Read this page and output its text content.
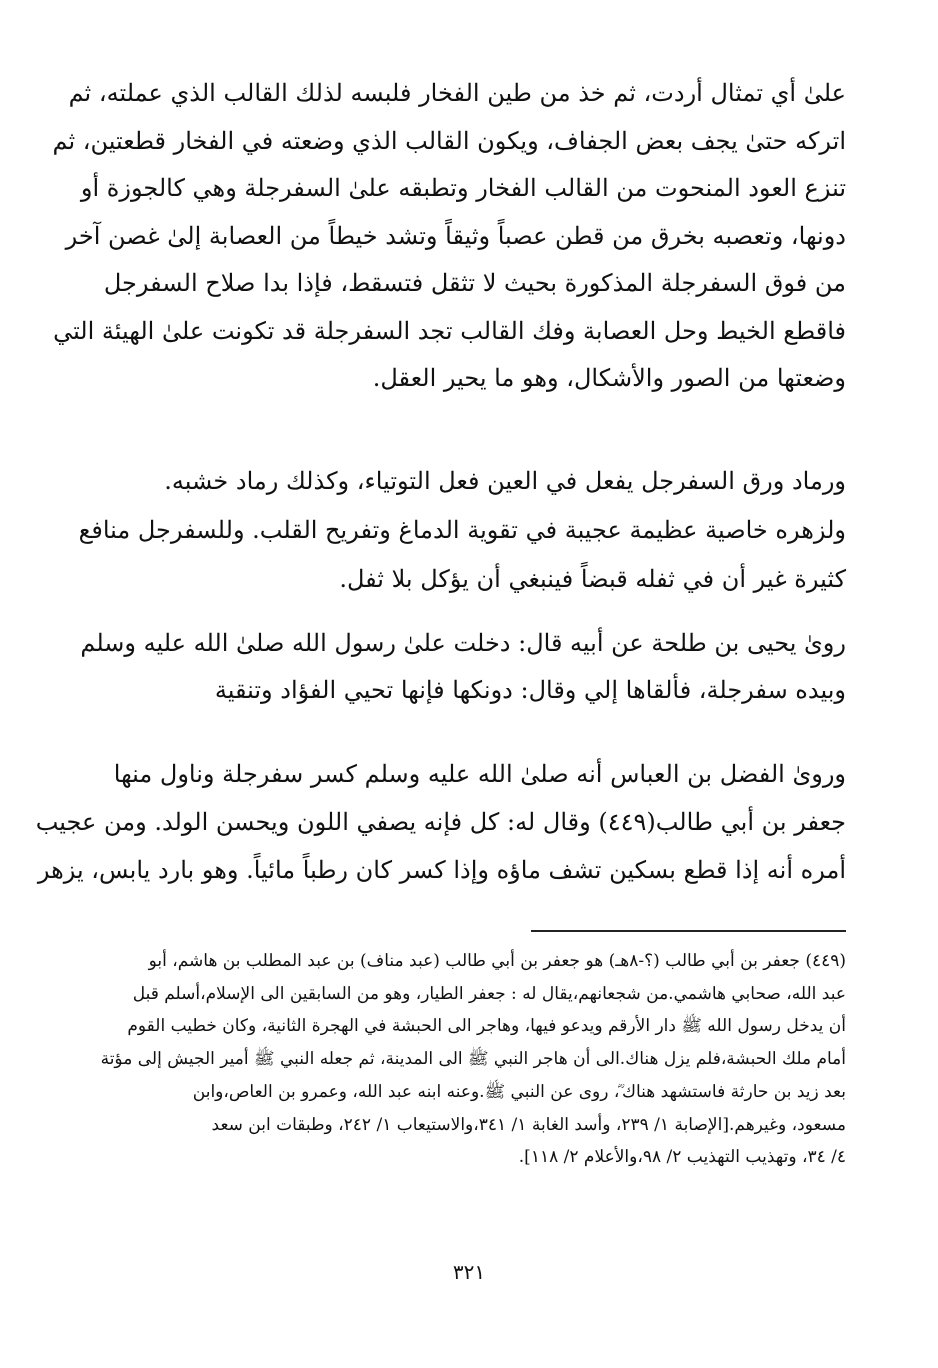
علىٰ أي تمثال أردت، ثم خذ من طين الفخار فلبسه لذلك القالب الذي عملته، ثم
اتركه حتىٰ يجف بعض الجفاف، ويكون القالب الذي وضعته في الفخار قطعتين، ثم
تنزع العود المنحوت من القالب الفخار وتطبقه علىٰ السفرجلة وهي كالجوزة أو
دونها، وتعصبه بخرق من قطن عصباً وثيقاً وتشد خيطاً من العصابة إلىٰ غصن آخر
من فوق السفرجلة المذكورة بحيث لا تثقل فتسقط، فإذا بدا صلاح السفرجل
فاقطع الخيط وحل العصابة وفك القالب تجد السفرجلة قد تكونت علىٰ الهيئة التي
وضعتها من الصور والأشكال، وهو ما يحير العقل.
ورماد ورق السفرجل يفعل في العين فعل التوتياء، وكذلك رماد خشبه.
ولزهره خاصية عظيمة عجيبة في تقوية الدماغ وتفريح القلب. وللسفرجل منافع
كثيرة غير أن في ثفله قبضاً فينبغي أن يؤكل بلا ثفل.
روىٰ يحيى بن طلحة عن أبيه قال: دخلت علىٰ رسول الله صلىٰ الله عليه وسلم
وبيده سفرجلة، فألقاها إلي وقال: دونكها فإنها تحيي الفؤاد وتنقية
وروىٰ الفضل بن العباس أنه صلىٰ الله عليه وسلم كسر سفرجلة وناول منها
جعفر بن أبي طالب(٤٤٩) وقال له: كل فإنه يصفي اللون ويحسن الولد. ومن عجيب
أمره أنه إذا قطع بسكين تشف ماؤه وإذا كسر كان رطباً مائياً. وهو بارد يابس، يزهر
(٤٤٩) جعفر بن أبي طالب (؟-٨هـ) هو جعفر بن أبي طالب (عبد مناف) بن عبد المطلب بن هاشم، أبو
عبد الله، صحابي هاشمي.من شجعانهم،يقال له : جعفر الطيار، وهو من السابقين الى الإسلام،أسلم قبل
أن يدخل رسول الله ﷺ دار الأرقم ويدعو فيها، وهاجر الى الحبشة في الهجرة الثانية، وكان خطيب القوم
أمام ملك الحبشة،فلم يزل هناك.الى أن هاجر النبي ﷺ الى المدينة، ثم جعله النبي ﷺ أمير الجيش إلى مؤتة
بعد زيد بن حارثة فاستشهد هناك ؓ، روى عن النبي ﷺ.وعنه ابنه عبد الله، وعمرو بن العاص،وابن
مسعود، وغيرهم.[الإصابة ١/ ٢٣٩، وأسد الغابة ١/ ٣٤١،والاستيعاب ١/ ٢٤٢، وطبقات ابن سعد
٤/ ٣٤، وتهذيب التهذيب ٢/ ٩٨،والأعلام ٢/ ١١٨].
٣٢١
